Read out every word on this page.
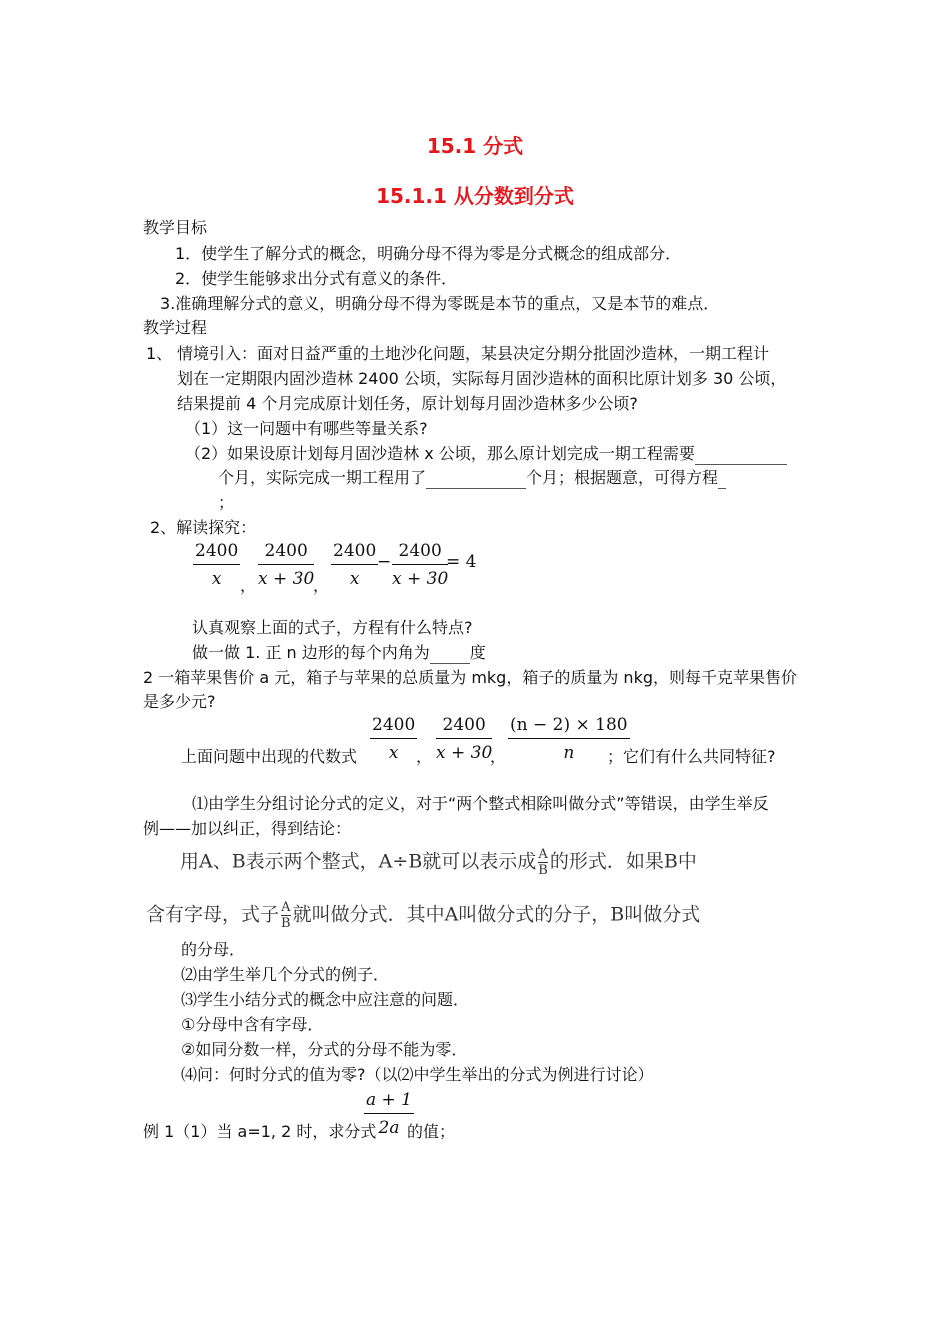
15.1 分式
15.1.1 从分数到分式
教学目标
1．使学生了解分式的概念，明确分母不得为零是分式概念的组成部分．
2．使学生能够求出分式有意义的条件．
3.准确理解分式的意义，明确分母不得为零既是本节的重点，又是本节的难点．
教学过程
1、 情境引入：面对日益严重的土地沙化问题，某县决定分期分批固沙造林，一期工程计
划在一定期限内固沙造林 2400 公顷，实际每月固沙造林的面积比原计划多 30 公顷，
结果提前 4 个月完成原计划任务，原计划每月固沙造林多少公顷?
（1）这一问题中有哪些等量关系?
（2）如果设原计划每月固沙造林 x 公顷，那么原计划完成一期工程需要
个月，实际完成一期工程用了	个月；根据题意，可得方程
；
2、解读探究：
2400
x ，
2400
x + 30
，
2400
x
−
2400
x + 30
= 4
认真观察上面的式子，方程有什么特点?
做一做 1. 正 n 边形的每个内角为	度
2 一箱苹果售价 a 元，箱子与苹果的总质量为 mkg，箱子的质量为 nkg，则每千克苹果售价
是多少元?
上面问题中出现的代数式
2400
x ，
2400
x + 30
，
(n − 2) × 180
n ；它们有什么共同特征?
⑴由学生分组讨论分式的定义，对于“两个整式相除叫做分式”等错误，由学生举反
例——加以纠正，得到结论：
用A、B表示两个整式，A÷B就可以表示成 $\frac{A}{B}$ 的形式．如果B中
含有字母，式子 $\frac{A}{B}$ 就叫做分式．其中A叫做分式的分子，B叫做分式
的分母．
⑵由学生举几个分式的例子．
⑶学生小结分式的概念中应注意的问题．
①分母中含有字母．
②如同分数一样，分式的分母不能为零．
⑷问：何时分式的值为零?（以⑵中学生举出的分式为例进行讨论）
例 1（1）当 a=1, 2 时，求分式
a + 1
2a 的值；
